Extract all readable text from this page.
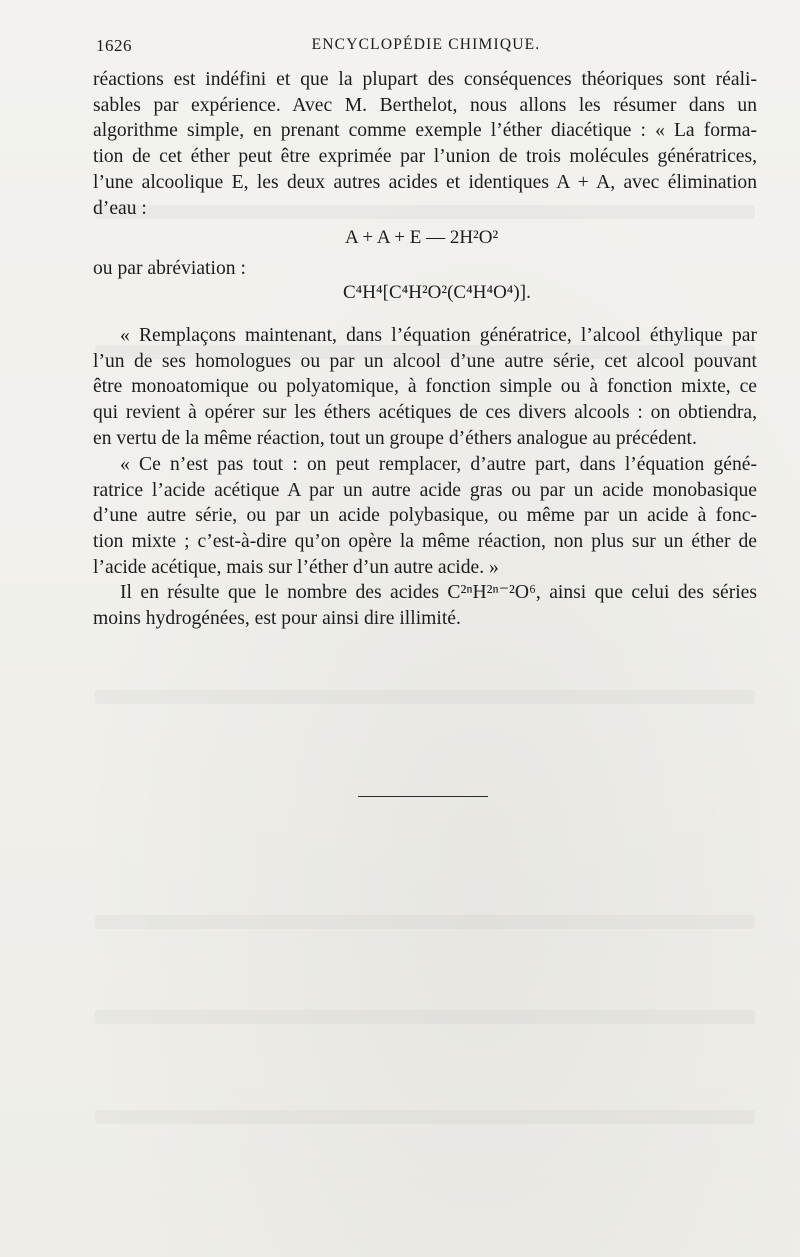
1626	ENCYCLOPÉDIE CHIMIQUE.

réactions est indéfini et que la plupart des conséquences théoriques sont réali-

sables par expérience. Avec M. Berthelot, nous allons les résumer dans un

algorithme simple, en prenant comme exemple l’éther diacétique : « La forma-

tion de cet éther peut être exprimée par l’union de trois molécules génératrices,

l’une alcoolique E, les deux autres acides et identiques A + A, avec élimination

d’eau :

A + A + E — 2H²O²

ou par abréviation :

C⁴H⁴[C⁴H²O²(C⁴H⁴O⁴)].

« Remplaçons maintenant, dans l’équation génératrice, l’alcool éthylique par

l’un de ses homologues ou par un alcool d’une autre série, cet alcool pouvant

être monoatomique ou polyatomique, à fonction simple ou à fonction mixte, ce

qui revient à opérer sur les éthers acétiques de ces divers alcools : on obtiendra,

en vertu de la même réaction, tout un groupe d’éthers analogue au précédent.

« Ce n’est pas tout : on peut remplacer, d’autre part, dans l’équation géné-

ratrice l’acide acétique A par un autre acide gras ou par un acide monobasique

d’une autre série, ou par un acide polybasique, ou même par un acide à fonc-

tion mixte ; c’est-à-dire qu’on opère la même réaction, non plus sur un éther de

l’acide acétique, mais sur l’éther d’un autre acide. »

Il en résulte que le nombre des acides C²ⁿH²ⁿ⁻²O⁶, ainsi que celui des séries

moins hydrogénées, est pour ainsi dire illimité.
